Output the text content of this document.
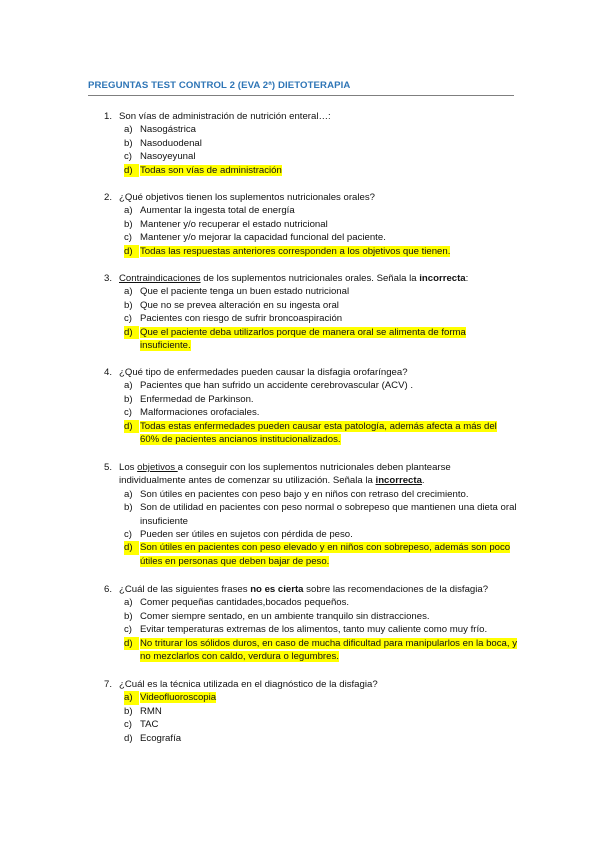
PREGUNTAS TEST CONTROL 2 (EVA 2ª) DIETOTERAPIA
1. Son vías de administración de nutrición enteral…:
a) Nasogástrica
b) Nasoduodenal
c) Nasoyeyunal
d) Todas son vías de administración
2. ¿Qué objetivos tienen los suplementos nutricionales orales?
a) Aumentar la ingesta total de energía
b) Mantener y/o recuperar el estado nutricional
c) Mantener y/o mejorar la capacidad funcional del paciente.
d) Todas las respuestas anteriores corresponden a los objetivos que tienen.
3. Contraindicaciones de los suplementos nutricionales orales. Señala la incorrecta:
a) Que el paciente tenga un buen estado nutricional
b) Que no se prevea alteración en su ingesta oral
c) Pacientes con riesgo de sufrir broncoaspiración
d) Que el paciente deba utilizarlos porque de manera oral se alimenta de forma insuficiente.
4. ¿Qué tipo de enfermedades pueden causar la disfagia orofaríngea?
a) Pacientes que han sufrido un accidente cerebrovascular (ACV) .
b) Enfermedad de Parkinson.
c) Malformaciones orofaciales.
d) Todas estas enfermedades pueden causar esta patología, además afecta a más del 60% de pacientes ancianos institucionalizados.
5. Los objetivos a conseguir con los suplementos nutricionales deben plantearse individualmente antes de comenzar su utilización. Señala la incorrecta.
a) Son útiles en pacientes con peso bajo y en niños con retraso del crecimiento.
b) Son de utilidad en pacientes con peso normal o sobrepeso que mantienen una dieta oral insuficiente
c) Pueden ser útiles en sujetos con pérdida de peso.
d) Son útiles en pacientes con peso elevado y en niños con sobrepeso, además son poco útiles en personas que deben bajar de peso.
6. ¿Cuál de las siguientes frases no es cierta sobre las recomendaciones de la disfagia?
a) Comer pequeñas cantidades,bocados pequeños.
b) Comer siempre sentado, en un ambiente tranquilo sin distracciones.
c) Evitar temperaturas extremas de los alimentos, tanto muy caliente como muy frío.
d) No triturar los sólidos duros, en caso de mucha dificultad para manipularlos en la boca, y no mezclarlos con caldo, verdura o legumbres.
7. ¿Cuál es la técnica utilizada en el diagnóstico de la disfagia?
a) Videofluoroscopia
b) RMN
c) TAC
d) Ecografía
